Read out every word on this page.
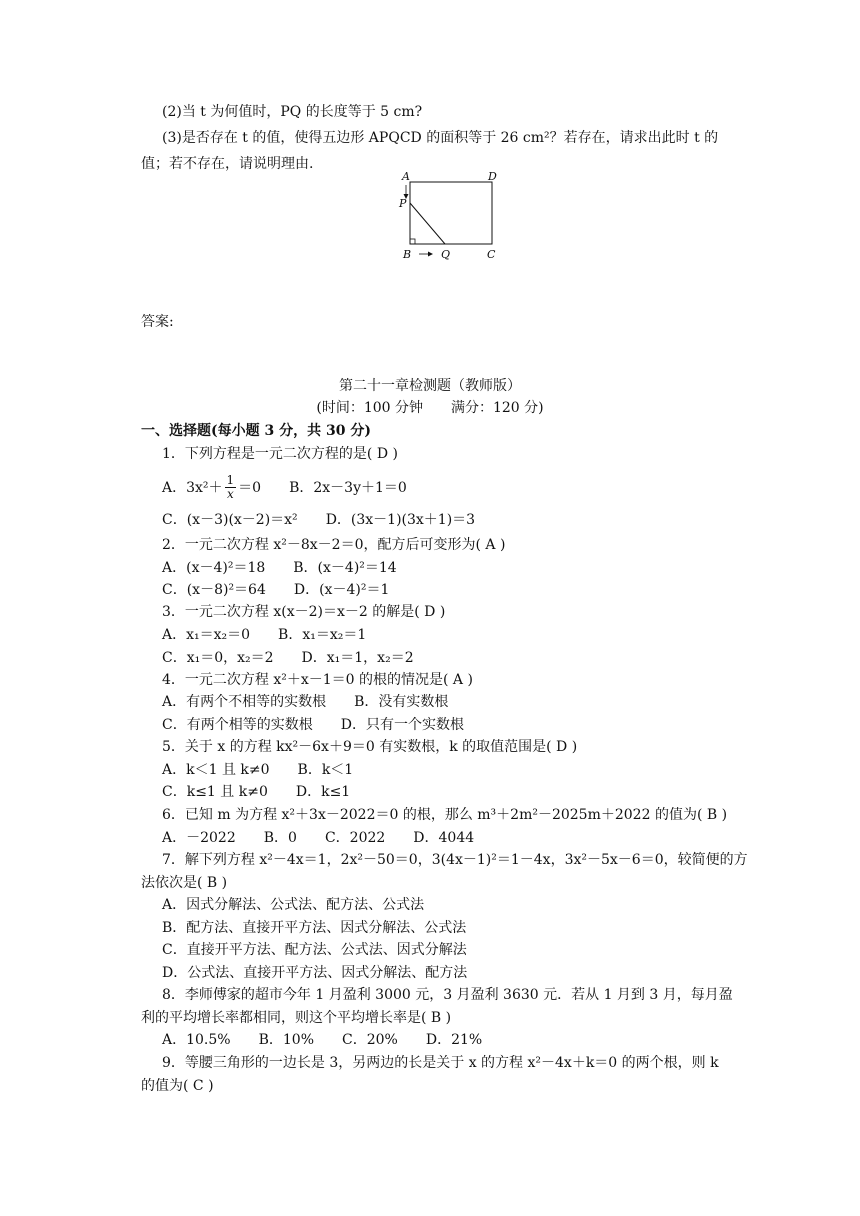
(2)当 t 为何值时，PQ 的长度等于 5 cm?
(3)是否存在 t 的值，使得五边形 APQCD 的面积等于 26 cm²？若存在，请求出此时 t 的
值；若不存在，请说明理由.
A	D
P
B	Q	C
答案:
第二十一章检测题（教师版）
(时间：100 分钟　　满分：120 分)
一、选择题(每小题 3 分，共 30 分)
1．下列方程是一元二次方程的是( D )
A．$3x^2+ \frac{1}{x} =0$ B．2x－3y＋1＝0
C．(x－3)(x－2)＝x² D．(3x－1)(3x＋1)＝3
2．一元二次方程 x²－8x－2＝0，配方后可变形为( A )
A．(x－4)²＝18 B．(x－4)²＝14
C．(x－8)²＝64 D．(x－4)²＝1
3．一元二次方程 x(x－2)＝x－2 的解是( D )
A．x₁＝x₂＝0 B．x₁＝x₂＝1
C．x₁＝0，x₂＝2 D．x₁＝1，x₂＝2
4．一元二次方程 x²＋x－1＝0 的根的情况是( A )
A．有两个不相等的实数根 B．没有实数根
C．有两个相等的实数根 D．只有一个实数根
5．关于 x 的方程 kx²－6x＋9＝0 有实数根，k 的取值范围是( D )
A．k＜1 且 k≠0 B．k＜1
C．k≤1 且 k≠0 D．k≤1
6．已知 m 为方程 x²＋3x－2022＝0 的根，那么 m³＋2m²－2025m＋2022 的值为( B )
A．－2022 B．0 C．2022 D．4044
7．解下列方程 x²－4x＝1，2x²－50＝0，3(4x－1)²＝1－4x，3x²－5x－6＝0，较简便的方
法依次是( B )
A．因式分解法、公式法、配方法、公式法
B．配方法、直接开平方法、因式分解法、公式法
C．直接开平方法、配方法、公式法、因式分解法
D．公式法、直接开平方法、因式分解法、配方法
8．李师傅家的超市今年 1 月盈利 3000 元，3 月盈利 3630 元．若从 1 月到 3 月，每月盈
利的平均增长率都相同，则这个平均增长率是( B )
A．10.5% B．10% C．20% D．21%
9．等腰三角形的一边长是 3，另两边的长是关于 x 的方程 x²－4x＋k＝0 的两个根，则 k
的值为( C )
